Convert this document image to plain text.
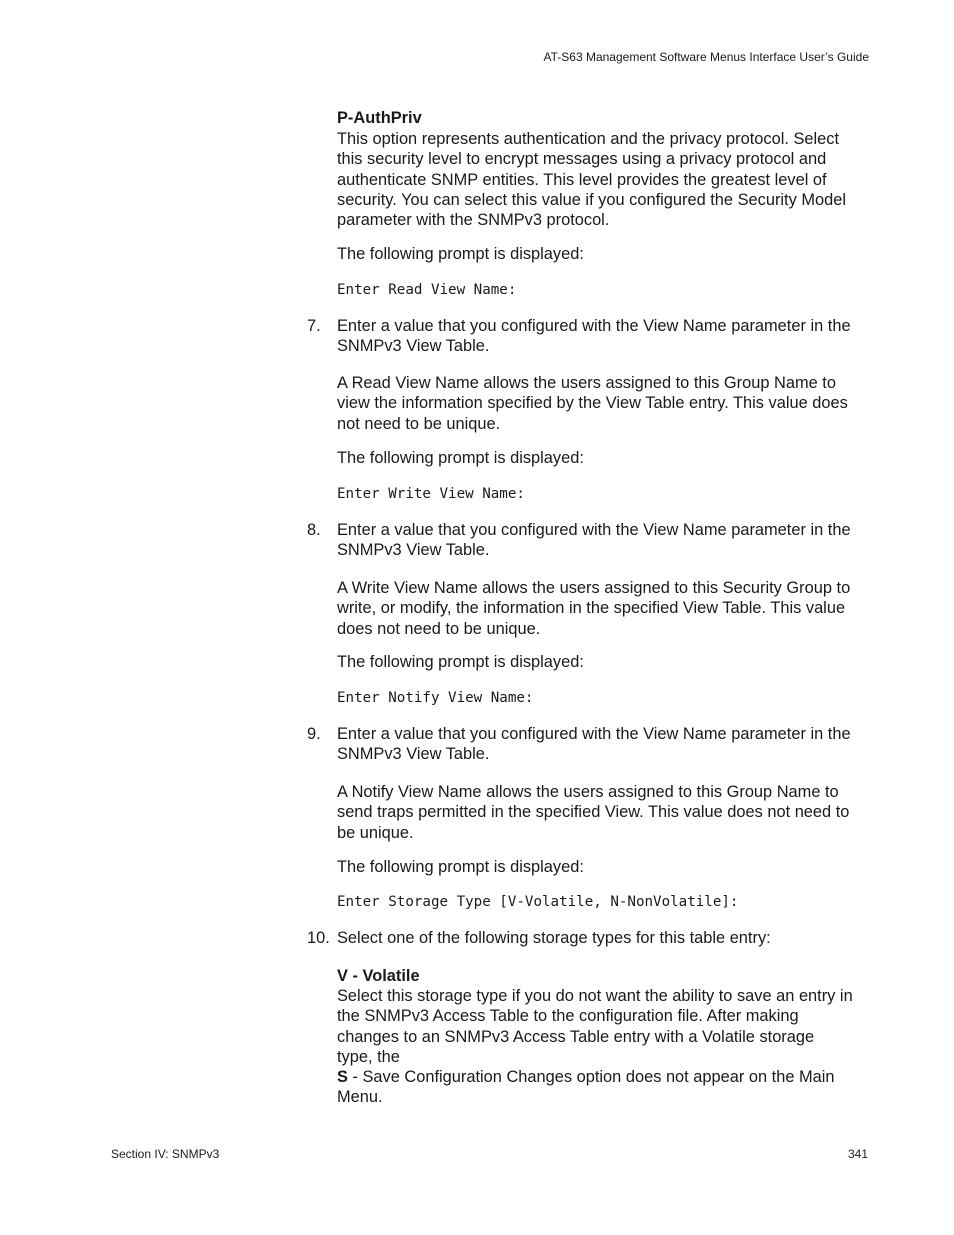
AT-S63 Management Software Menus Interface User’s Guide
Section IV: SNMPv3	341
P-AuthPriv
This option represents authentication and the privacy protocol. Select
this security level to encrypt messages using a privacy protocol and
authenticate SNMP entities. This level provides the greatest level of
security. You can select this value if you configured the Security Model
parameter with the SNMPv3 protocol.
The following prompt is displayed:
Enter Read View Name:
7. Enter a value that you configured with the View Name parameter in the
SNMPv3 View Table.
A Read View Name allows the users assigned to this Group Name to
view the information specified by the View Table entry. This value does
not need to be unique.
The following prompt is displayed:
Enter Write View Name:
8. Enter a value that you configured with the View Name parameter in the
SNMPv3 View Table.
A Write View Name allows the users assigned to this Security Group to
write, or modify, the information in the specified View Table. This value
does not need to be unique.
The following prompt is displayed:
Enter Notify View Name:
9. Enter a value that you configured with the View Name parameter in the
SNMPv3 View Table.
A Notify View Name allows the users assigned to this Group Name to
send traps permitted in the specified View. This value does not need to
be unique.
The following prompt is displayed:
Enter Storage Type [V-Volatile, N-NonVolatile]:
10. Select one of the following storage types for this table entry:
V - Volatile
Select this storage type if you do not want the ability to save an entry in
the SNMPv3 Access Table to the configuration file. After making
changes to an SNMPv3 Access Table entry with a Volatile storage
type, the
S - Save Configuration Changes option does not appear on the Main
Menu.
